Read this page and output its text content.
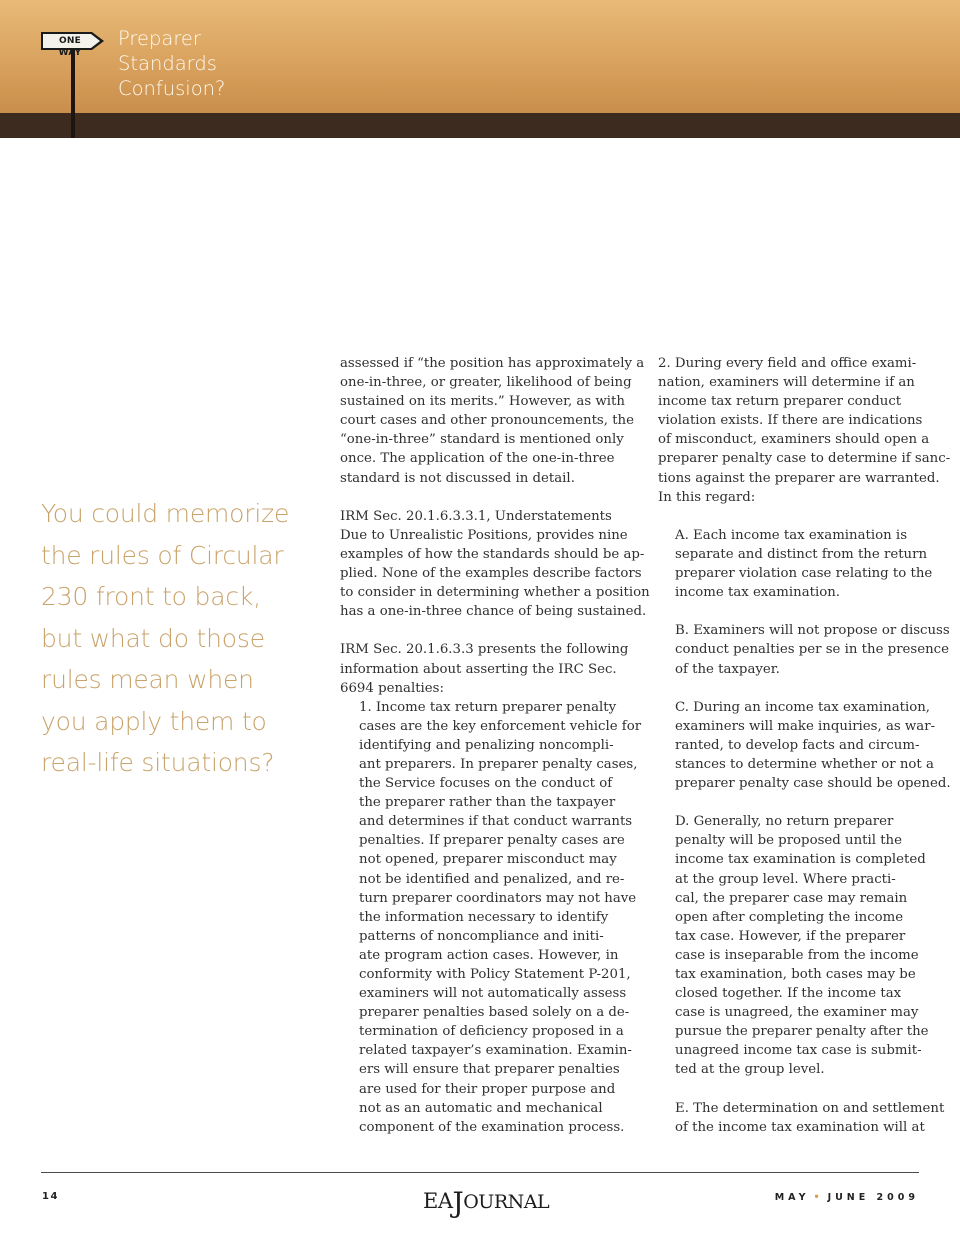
ONE WAY
Preparer
Standards
Confusion?
You could memorize
the rules of Circular
230 front to back,
but what do those
rules mean when
you apply them to
real-life situations?

assessed if “the position has approximately a
one-in-three, or greater, likelihood of being
sustained on its merits.” However, as with
court cases and other pronouncements, the
“one-in-three” standard is mentioned only
once. The application of the one-in-three
standard is not discussed in detail.

IRM Sec. 20.1.6.3.3.1, Understatements
Due to Unrealistic Positions, provides nine
examples of how the standards should be ap-
plied. None of the examples describe factors
to consider in determining whether a position
has a one-in-three chance of being sustained.

IRM Sec. 20.1.6.3.3 presents the following
information about asserting the IRC Sec.
6694 penalties:

1. Income tax return preparer penalty
cases are the key enforcement vehicle for
identifying and penalizing noncompli-
ant preparers. In preparer penalty cases,
the Service focuses on the conduct of
the preparer rather than the taxpayer
and determines if that conduct warrants
penalties. If preparer penalty cases are
not opened, preparer misconduct may
not be identified and penalized, and re-
turn preparer coordinators may not have
the information necessary to identify
patterns of noncompliance and initi-
ate program action cases. However, in
conformity with Policy Statement P-201,
examiners will not automatically assess
preparer penalties based solely on a de-
termination of deficiency proposed in a
related taxpayer’s examination. Examin-
ers will ensure that preparer penalties
are used for their proper purpose and
not as an automatic and mechanical
component of the examination process.

2. During every field and office exami-
nation, examiners will determine if an
income tax return preparer conduct
violation exists. If there are indications
of misconduct, examiners should open a
preparer penalty case to determine if sanc-
tions against the preparer are warranted.
In this regard:

A. Each income tax examination is
separate and distinct from the return
preparer violation case relating to the
income tax examination.

B. Examiners will not propose or discuss
conduct penalties per se in the presence
of the taxpayer.

C. During an income tax examination,
examiners will make inquiries, as war-
ranted, to develop facts and circum-
stances to determine whether or not a
preparer penalty case should be opened.

D. Generally, no return preparer
penalty will be proposed until the
income tax examination is completed
at the group level. Where practi-
cal, the preparer case may remain
open after completing the income
tax case. However, if the preparer
case is inseparable from the income
tax examination, both cases may be
closed together. If the income tax
case is unagreed, the examiner may
pursue the preparer penalty after the
unagreed income tax case is submit-
ted at the group level.

E. The determination on and settlement
of the income tax examination will at

14	EAJOURNAL	MAY • JUNE 2009
